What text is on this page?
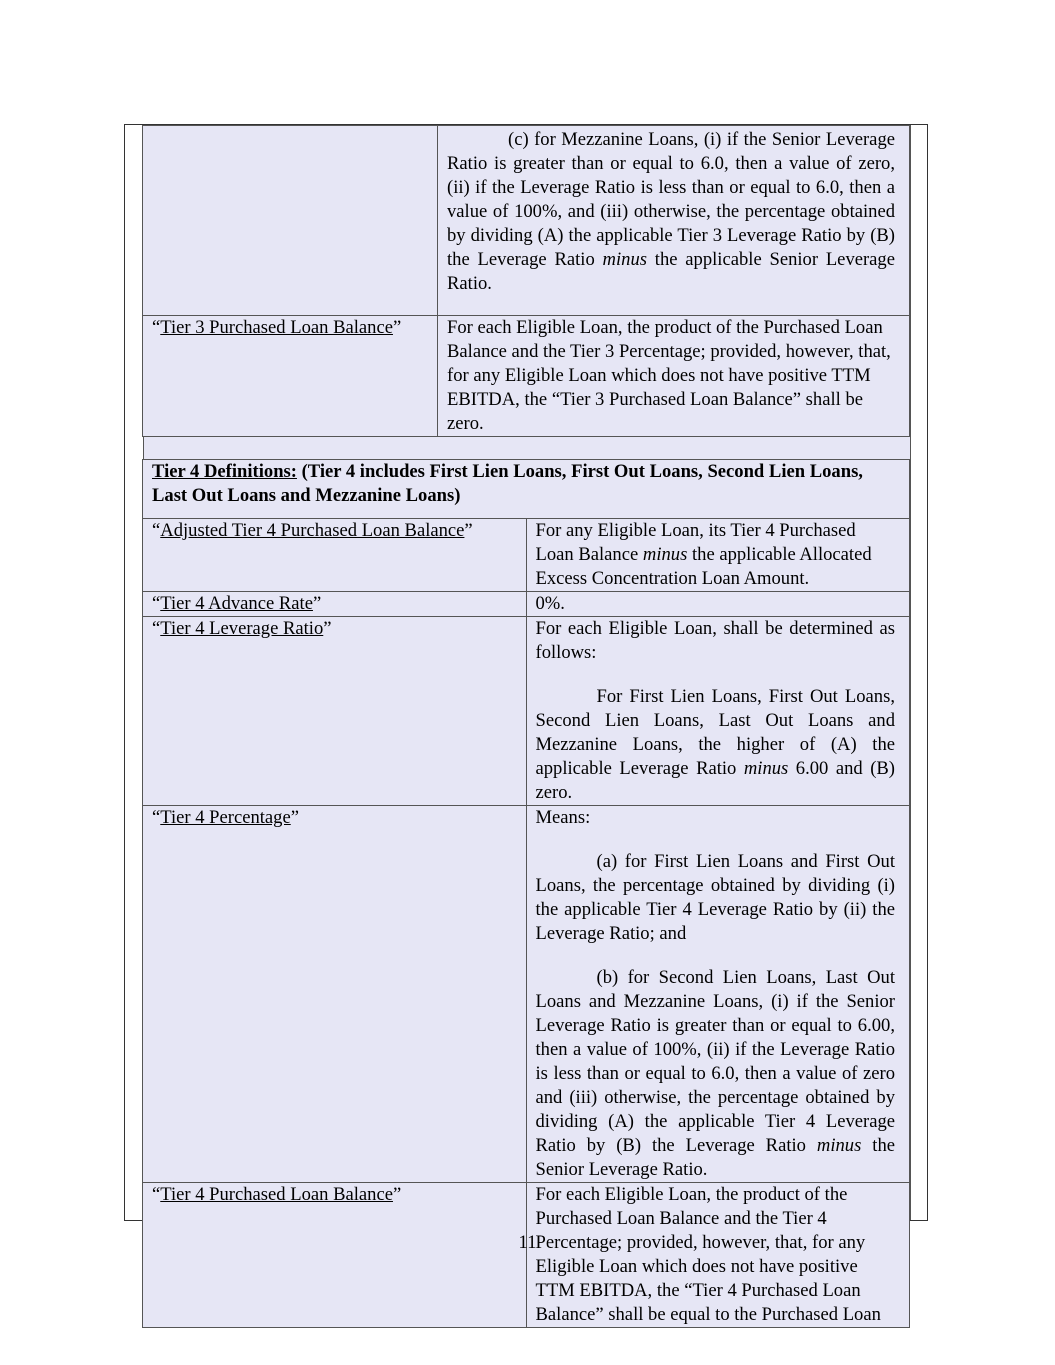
	(c) for Mezzanine Loans, (i) if the Senior Leverage Ratio is greater than or equal to 6.0, then a value of zero, (ii) if the Leverage Ratio is less than or equal to 6.0, then a value of 100%, and (iii) otherwise, the percentage obtained by dividing (A) the applicable Tier 3 Leverage Ratio by (B) the Leverage Ratio minus the applicable Senior Leverage Ratio.

“Tier 3 Purchased Loan Balance”	For each Eligible Loan, the product of the Purchased Loan Balance and the Tier 3 Percentage; provided, however, that, for any Eligible Loan which does not have positive TTM EBITDA, the “Tier 3 Purchased Loan Balance” shall be zero.
Tier 4 Definitions: (Tier 4 includes First Lien Loans, First Out Loans, Second Lien Loans, Last Out Loans and Mezzanine Loans)	
“Adjusted Tier 4 Purchased Loan Balance”	For any Eligible Loan, its Tier 4 Purchased Loan Balance minus the applicable Allocated Excess Concentration Loan Amount.
“Tier 4 Advance Rate”	0%.
“Tier 4 Leverage Ratio”	For each Eligible Loan, shall be determined as follows:

For First Lien Loans, First Out Loans, Second Lien Loans, Last Out Loans and Mezzanine Loans, the higher of (A) the applicable Leverage Ratio minus 6.00 and (B) zero.

“Tier 4 Percentage”	Means:

(a) for First Lien Loans and First Out Loans, the percentage obtained by dividing (i) the applicable Tier 4 Leverage Ratio by (ii) the Leverage Ratio; and

(b) for Second Lien Loans, Last Out Loans and Mezzanine Loans, (i) if the Senior Leverage Ratio is greater than or equal to 6.00, then a value of 100%, (ii) if the Leverage Ratio is less than or equal to 6.0, then a value of zero and (iii) otherwise, the percentage obtained by dividing (A) the applicable Tier 4 Leverage Ratio by (B) the Leverage Ratio minus the Senior Leverage Ratio.

“Tier 4 Purchased Loan Balance”	For each Eligible Loan, the product of the Purchased Loan Balance and the Tier 4 Percentage; provided, however, that, for any Eligible Loan which does not have positive TTM EBITDA, the “Tier 4 Purchased Loan Balance” shall be equal to the Purchased Loan
11
